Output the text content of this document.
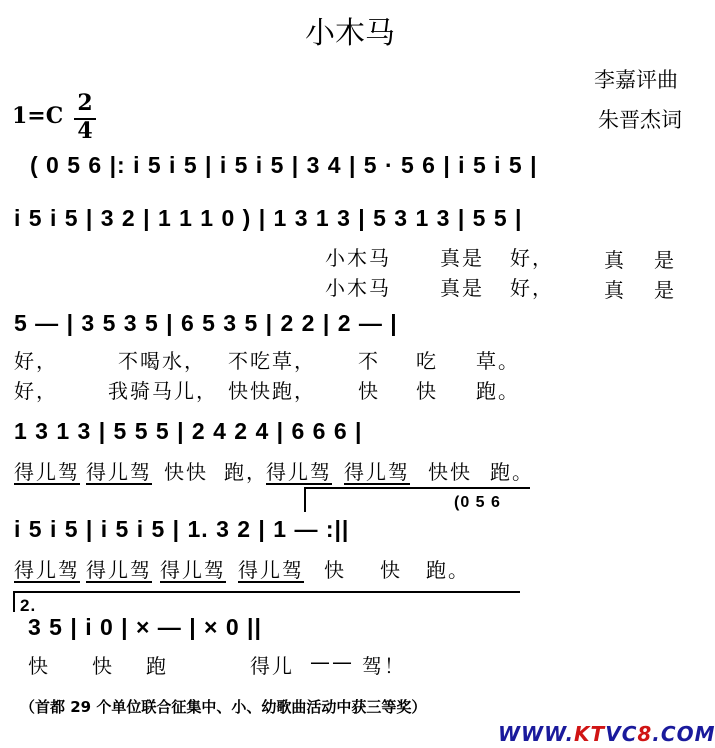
小木马
李嘉评曲
朱晋杰词
1=C 2
4
( 0 5 6 |: i 5 i 5 | i 5 i 5 | 3 4 | 5 · 5 6 | i 5 i 5 |
i 5 i 5 | 3 2 | 1 1 1 0 ) | 1 3 1 3 | 5 3 1 3 | 5 5 |
5 — | 3 5 3 5 | 6 5 3 5 | 2 2 | 2 — |
1 3 1 3 | 5 5 5 | 2 4 2 4 | 6 6 6 |
i 5 i 5 | i 5 i 5 | 1. 3 2 | 1 — :||
(0 5 6
2.
3 5 | i 0 | × — | × 0 ||
小木马 真是 好，	真 是
小木马 真是 好，	真 是
好，	不喝水， 不吃草， 不 吃 草。
好，	我骑马儿， 快快跑， 快 快 跑。
得儿驾 得儿驾 快快 跑，
得儿驾 得儿驾 快快 跑。
得儿驾 得儿驾 得儿驾 得儿驾 快 快 跑。
快 快 跑	得儿 —— 驾！
（首都 29 个单位联合征集中、小、幼歌曲活动中获三等奖）
WWW.KTVC8.COM
